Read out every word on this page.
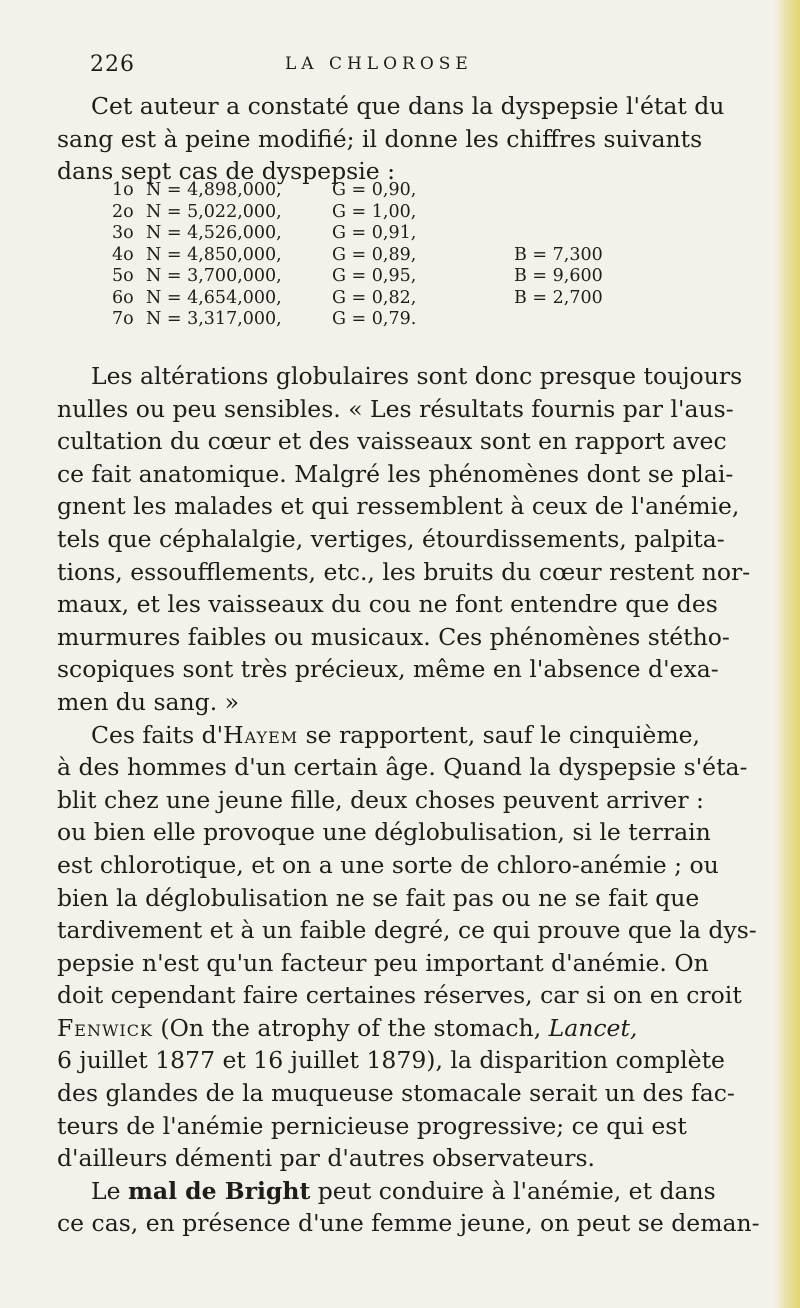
226	LA CHLOROSE
Cet auteur a constaté que dans la dyspepsie l'état du
sang est à peine modifié; il donne les chiffres suivants
dans sept cas de dyspepsie :
1o	N = 4,898,000,	G = 0,90,	
2o	N = 5,022,000,	G = 1,00,	
3o	N = 4,526,000,	G = 0,91,	
4o	N = 4,850,000,	G = 0,89,	B = 7,300
5o	N = 3,700,000,	G = 0,95,	B = 9,600
6o	N = 4,654,000,	G = 0,82,	B = 2,700
7o	N = 3,317,000,	G = 0,79.	
Les altérations globulaires sont donc presque toujours
nulles ou peu sensibles. « Les résultats fournis par l'aus-
cultation du cœur et des vaisseaux sont en rapport avec
ce fait anatomique. Malgré les phénomènes dont se plai-
gnent les malades et qui ressemblent à ceux de l'anémie,
tels que céphalalgie, vertiges, étourdissements, palpita-
tions, essoufflements, etc., les bruits du cœur restent nor-
maux, et les vaisseaux du cou ne font entendre que des
murmures faibles ou musicaux. Ces phénomènes stétho-
scopiques sont très précieux, même en l'absence d'exa-
men du sang. »
Ces faits d'Hayem se rapportent, sauf le cinquième,
à des hommes d'un certain âge. Quand la dyspepsie s'éta-
blit chez une jeune fille, deux choses peuvent arriver :
ou bien elle provoque une déglobulisation, si le terrain
est chlorotique, et on a une sorte de chloro-anémie ; ou
bien la déglobulisation ne se fait pas ou ne se fait que
tardivement et à un faible degré, ce qui prouve que la dys-
pepsie n'est qu'un facteur peu important d'anémie. On
doit cependant faire certaines réserves, car si on en croit
Fenwick (On the atrophy of the stomach, Lancet,
6 juillet 1877 et 16 juillet 1879), la disparition complète
des glandes de la muqueuse stomacale serait un des fac-
teurs de l'anémie pernicieuse progressive; ce qui est
d'ailleurs démenti par d'autres observateurs.
Le mal de Bright peut conduire à l'anémie, et dans
ce cas, en présence d'une femme jeune, on peut se deman-
